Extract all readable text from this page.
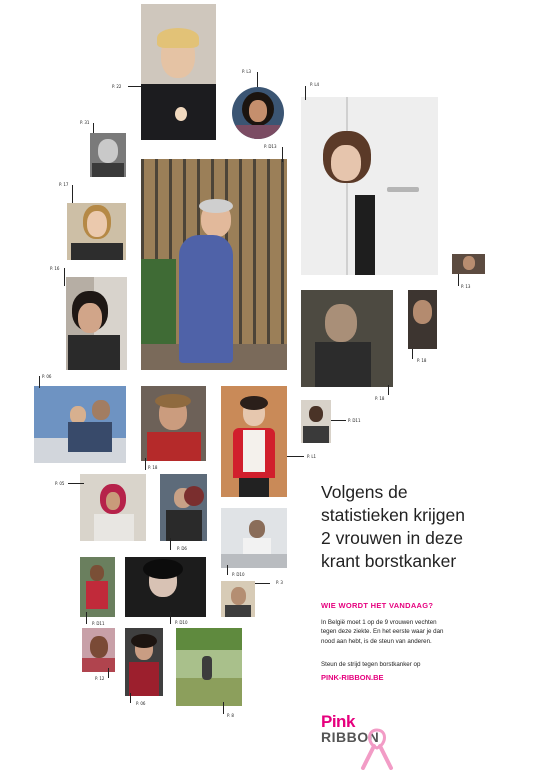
P. 22
P. L3
P. L4
P. 31
P. D13
P. 17
P. 13
P. 16
P. 18
P. 06
P. 18
P. D11
P. 18
P. L1
P. 05
P. D6
P. D10
P. 3
P. D11	P. D10
P. 12
P. 06
P. 8
Volgens de
statistieken krijgen
2 vrouwen in deze
krant borstkanker
WIE WORDT HET VANDAAG?
In België moet 1 op de 9 vrouwen vechten
tegen deze ziekte. En het eerste waar je dan
nood aan hebt, is de steun van anderen.
Steun de strijd tegen borstkanker op
PINK-RIBBON.BE
Pink
RIBBON
